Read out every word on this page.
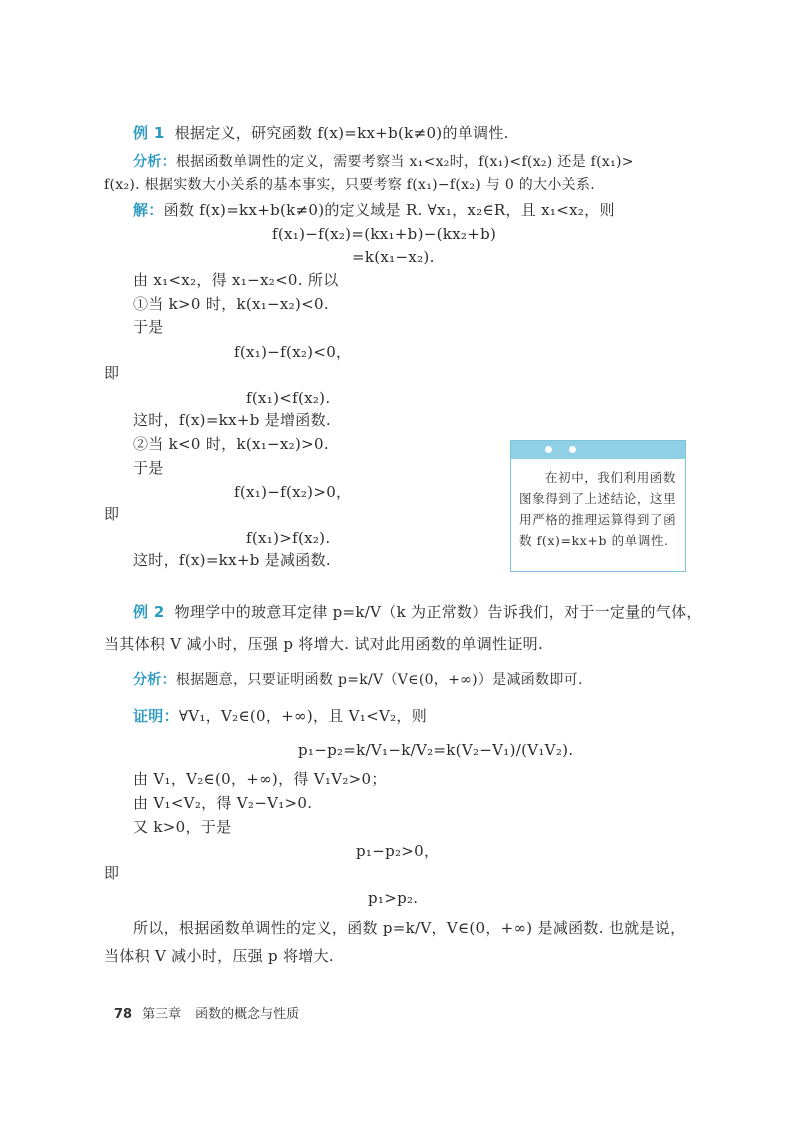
例 1 根据定义，研究函数 f(x)=kx+b(k≠0)的单调性.
分析：根据函数单调性的定义，需要考察当 x₁<x₂时，f(x₁)<f(x₂) 还是 f(x₁)>
f(x₂). 根据实数大小关系的基本事实，只要考察 f(x₁)−f(x₂) 与 0 的大小关系.
解：函数 f(x)=kx+b(k≠0)的定义域是 R. ∀x₁，x₂∈R，且 x₁<x₂，则
f(x₁)−f(x₂)=(kx₁+b)−(kx₂+b)
=k(x₁−x₂).
由 x₁<x₂，得 x₁−x₂<0. 所以
①当 k>0 时，k(x₁−x₂)<0.
于是
f(x₁)−f(x₂)<0，
即
f(x₁)<f(x₂).
这时，f(x)=kx+b 是增函数.
②当 k<0 时，k(x₁−x₂)>0.
于是
f(x₁)−f(x₂)>0，
即
f(x₁)>f(x₂).
这时，f(x)=kx+b 是减函数.
在初中，我们利用函数图象得到了上述结论，这里用严格的推理运算得到了函数 f(x)=kx+b 的单调性.
例 2 物理学中的玻意耳定律 p=k/V（k 为正常数）告诉我们，对于一定量的气体，
当其体积 V 减小时，压强 p 将增大. 试对此用函数的单调性证明.
分析：根据题意，只要证明函数 p=k/V（V∈(0，+∞)）是减函数即可.
证明：∀V₁，V₂∈(0，+∞)，且 V₁<V₂，则
p₁−p₂=k/V₁−k/V₂=k(V₂−V₁)/(V₁V₂).
由 V₁，V₂∈(0，+∞)，得 V₁V₂>0；
由 V₁<V₂，得 V₂−V₁>0.
又 k>0，于是
p₁−p₂>0，
即
p₁>p₂.
所以，根据函数单调性的定义，函数 p=k/V，V∈(0，+∞) 是减函数. 也就是说，
当体积 V 减小时，压强 p 将增大.
78 第三章 函数的概念与性质
